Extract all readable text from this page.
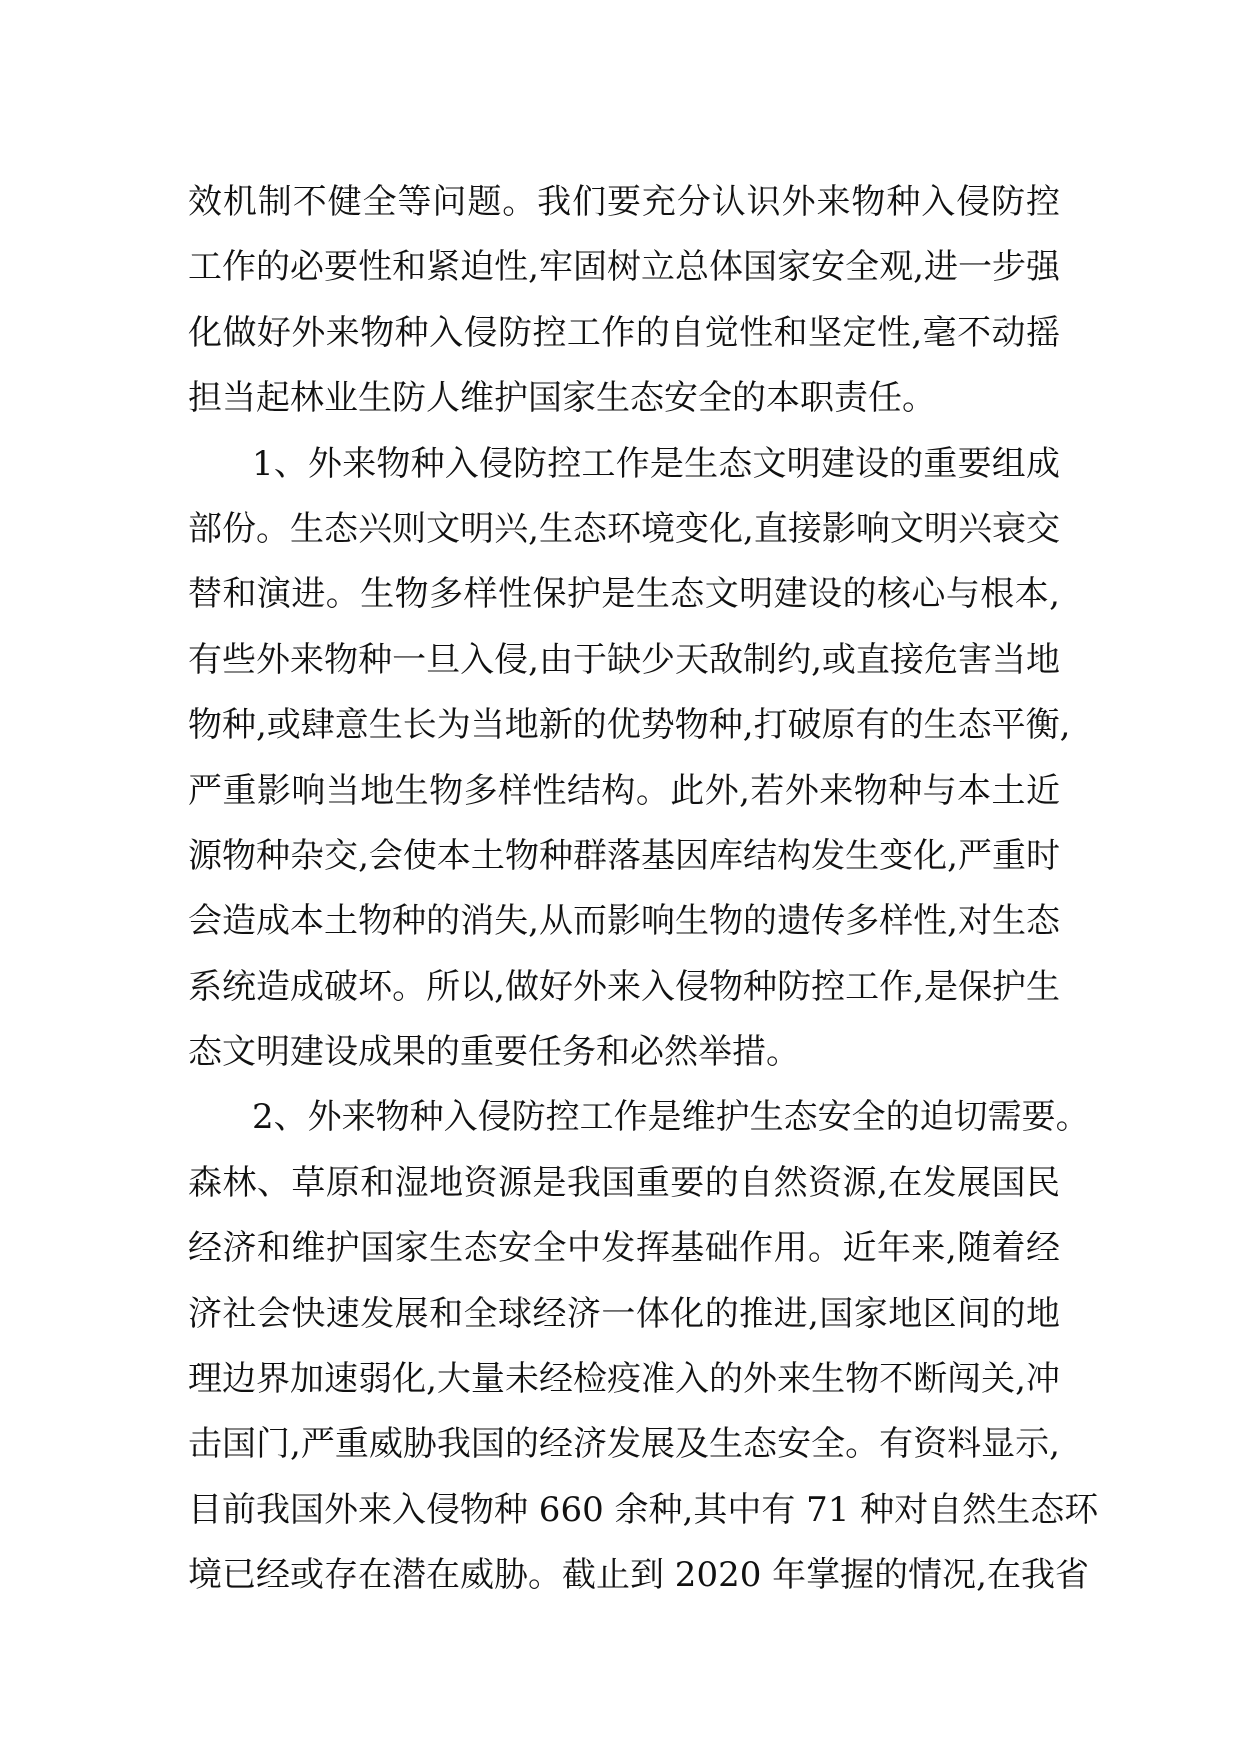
效机制不健全等问题。我们要充分认识外来物种入侵防控
工作的必要性和紧迫性,牢固树立总体国家安全观,进一步强
化做好外来物种入侵防控工作的自觉性和坚定性,毫不动摇
担当起林业生防人维护国家生态安全的本职责任。
1、外来物种入侵防控工作是生态文明建设的重要组成
部份。生态兴则文明兴,生态环境变化,直接影响文明兴衰交
替和演进。生物多样性保护是生态文明建设的核心与根本,
有些外来物种一旦入侵,由于缺少天敌制约,或直接危害当地
物种,或肆意生长为当地新的优势物种,打破原有的生态平衡,
严重影响当地生物多样性结构。此外,若外来物种与本土近
源物种杂交,会使本土物种群落基因库结构发生变化,严重时
会造成本土物种的消失,从而影响生物的遗传多样性,对生态
系统造成破坏。所以,做好外来入侵物种防控工作,是保护生
态文明建设成果的重要任务和必然举措。
2、外来物种入侵防控工作是维护生态安全的迫切需要。
森林、草原和湿地资源是我国重要的自然资源,在发展国民
经济和维护国家生态安全中发挥基础作用。近年来,随着经
济社会快速发展和全球经济一体化的推进,国家地区间的地
理边界加速弱化,大量未经检疫准入的外来生物不断闯关,冲
击国门,严重威胁我国的经济发展及生态安全。有资料显示,
目前我国外来入侵物种 660 余种,其中有 71 种对自然生态环
境已经或存在潜在威胁。截止到 2020 年掌握的情况,在我省
